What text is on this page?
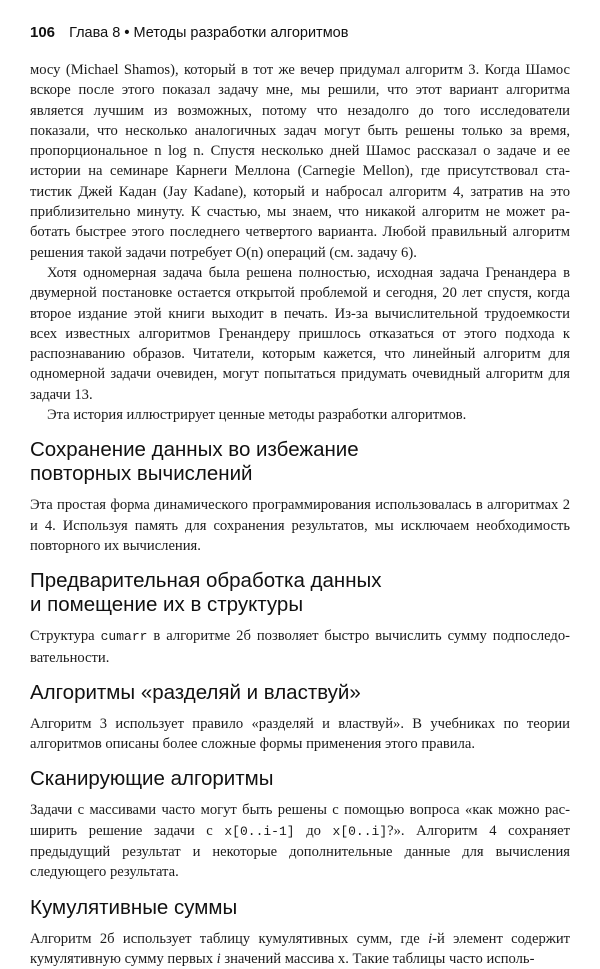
106 Глава 8 • Методы разработки алгоритмов

мосу (Michael Shamos), который в тот же вечер придумал алгоритм 3. Когда Шамос вскоре после этого показал задачу мне, мы решили, что этот вариант алгоритма является лучшим из возможных, потому что незадолго до того исследователи показали, что несколько аналогичных задач могут быть решены только за время, пропорциональное n log n. Спустя несколько дней Шамос рассказал о задаче и ее истории на семинаре Карнеги Меллона (Carnegie Mellon), где присутствовал статистик Джей Кадан (Jay Kadane), который и набросал алгоритм 4, затратив на это приблизительно минуту. К счастью, мы знаем, что никакой алгоритм не может работать быстрее этого последнего четвертого варианта. Любой правильный алгоритм решения такой задачи потребует O(n) операций (см. задачу 6).

Хотя одномерная задача была решена полностью, исходная задача Гренандера в двумерной постановке остается открытой проблемой и сегодня, 20 лет спустя, когда второе издание этой книги выходит в печать. Из-за вычислительной трудоемкости всех известных алгоритмов Гренандеру пришлось отказаться от этого подхода к распознаванию образов. Читатели, которым кажется, что линейный алгоритм для одномерной задачи очевиден, могут попытаться придумать очевидный алгоритм для задачи 13.

Эта история иллюстрирует ценные методы разработки алгоритмов.

Сохранение данных во избежание
повторных вычислений

Эта простая форма динамического программирования использовалась в алгоритмах 2 и 4. Используя память для сохранения результатов, мы исключаем необходимость повторного их вычисления.

Предварительная обработка данных
и помещение их в структуры

Структура cumarr в алгоритме 2б позволяет быстро вычислить сумму подпоследовательности.

Алгоритмы «разделяй и властвуй»

Алгоритм 3 использует правило «разделяй и властвуй». В учебниках по теории алгоритмов описаны более сложные формы применения этого правила.

Сканирующие алгоритмы

Задачи с массивами часто могут быть решены с помощью вопроса «как можно расширить решение задачи с x[0..i-1] до x[0..i]?». Алгоритм 4 сохраняет предыдущий результат и некоторые дополнительные данные для вычисления следующего результата.

Кумулятивные суммы

Алгоритм 2б использует таблицу кумулятивных сумм, где i-й элемент содержит кумулятивную сумму первых i значений массива x. Такие таблицы часто исполь-
